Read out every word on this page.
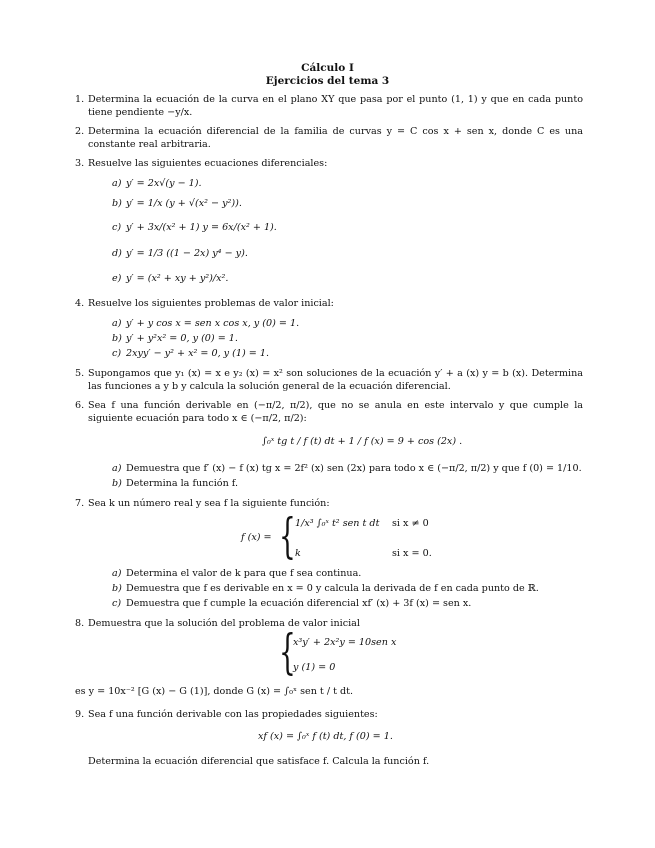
Cálculo I
Ejercicios del tema 3
1. Determina la ecuación de la curva en el plano XY que pasa por el punto (1, 1) y que en cada punto tiene pendiente −y/x.
2. Determina la ecuación diferencial de la familia de curvas y = C cos x + sen x, donde C es una constante real arbitraria.
3. Resuelve las siguientes ecuaciones diferenciales:
a) y′ = 2x√(y − 1).
b) y′ = 1/x (y + √(x² − y²)).
c) y′ + 3x/(x² + 1) y = 6x/(x² + 1).
d) y′ = 1/3 ((1 − 2x) y⁴ − y).
e) y′ = (x² + xy + y²)/x².
4. Resuelve los siguientes problemas de valor inicial:
a) y′ + y cos x = sen x cos x, y (0) = 1.
b) y′ + y²x² = 0, y (0) = 1.
c) 2xyy′ − y² + x² = 0, y (1) = 1.
5. Supongamos que y₁ (x) = x e y₂ (x) = x² son soluciones de la ecuación y′ + a (x) y = b (x). Determina las funciones a y b y calcula la solución general de la ecuación diferencial.
6. Sea f una función derivable en (−π/2, π/2), que no se anula en este intervalo y que cumple la siguiente ecuación para todo x ∈ (−π/2, π/2):
∫₀ˣ tg t / f (t) dt + 1 / f (x) = 9 + cos (2x) .
a) Demuestra que f′ (x) − f (x) tg x = 2f² (x) sen (2x) para todo x ∈ (−π/2, π/2) y que f (0) = 1/10.
b) Determina la función f.
7. Sea k un número real y sea f la siguiente función:
f (x) = { 1/x³ ∫₀ˣ t² sen t dt si x ≠ 0
k	si x = 0.
a) Determina el valor de k para que f sea continua.
b) Demuestra que f es derivable en x = 0 y calcula la derivada de f en cada punto de ℝ.
c) Demuestra que f cumple la ecuación diferencial xf′ (x) + 3f (x) = sen x.
8. Demuestra que la solución del problema de valor inicial
{
x³y′ + 2x²y = 10sen x
y (1) = 0
es y = 10x⁻² [G (x) − G (1)], donde G (x) = ∫₀ˣ sen t / t dt.
9. Sea f una función derivable con las propiedades siguientes:
xf (x) = ∫₀ˣ f (t) dt, f (0) = 1.
Determina la ecuación diferencial que satisface f. Calcula la función f.
